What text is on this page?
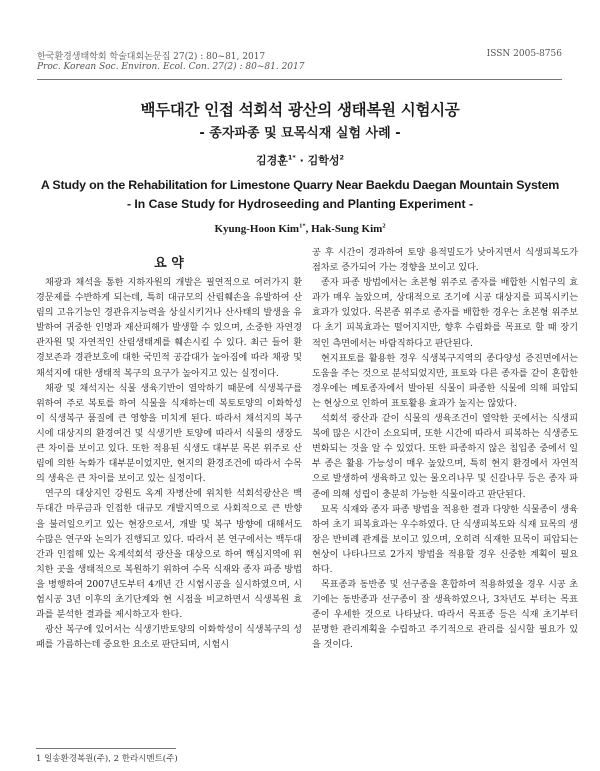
한국환경생태학회 학술대회논문집 27(2) : 80~81, 2017	ISSN 2005-8756
Proc. Korean Soc. Environ. Ecol. Con. 27(2) : 80~81. 2017
백두대간 인접 석회석 광산의 생태복원 시험시공
- 종자파종 및 묘목식재 실험 사례 -
김경훈$^{1*}$ · 김학성$^2$
A Study on the Rehabilitation for Limestone Quarry Near Baekdu Daegan Mountain System
- In Case Study for Hydroseeding and Planting Experiment -
Kyung-Hoon Kim$^{1*}$, Hak-Sung Kim$^2$
요 약

채광과 채석을 통한 지하자원의 개발은 필연적으로 여러가지 환경문제를 수반하게 되는데, 특히 대규모의 산림훼손을 유발하여 산림의 고유기능인 경관유지능력을 상실시키거나 산사태의 발생을 유발하여 귀중한 인명과 재산피해가 발생할 수 있으며, 소중한 자연경관자원 및 자연적인 산림생태계를 훼손시킬 수 있다. 최근 들어 환경보존과 경관보호에 대한 국민적 공감대가 높아짐에 따라 채광 및 채석지에 대한 생태적 복구의 요구가 높아지고 있는 실정이다.

채광 및 채석지는 식물 생육기반이 열악하기 때문에 식생복구를 위하여 주로 복토를 하여 식물을 식재하는데 복토토양의 이화학성이 식생복구 품질에 큰 영향을 미치게 된다. 따라서 채석지의 복구시에 대상지의 환경여건 및 식생기반 토양에 따라서 식물의 생장도 큰 차이를 보이고 있다. 또한 적용된 식생도 대부분 목본 위주로 산림에 의한 녹화가 대부분이었지만, 현지의 환경조건에 따라서 수목의 생육은 큰 차이를 보이고 있는 실정이다.

연구의 대상지인 강원도 옥계 자병산에 위치한 석회석광산은 백두대간 마루금과 인접한 대규모 개발지역으로 사회적으로 큰 반향을 불러일으키고 있는 현장으로서, 개발 및 복구 방향에 대해서도 수많은 연구와 논의가 진행되고 있다. 따라서 본 연구에서는 백두대간과 인접해 있는 옥계석회석 광산을 대상으로 하여 핵심지역에 위치한 곳을 생태적으로 복원하기 위하여 수목 식재와 종자 파종 방법을 병행하여 2007년도부터 4개년 간 시험시공을 실시하였으며, 시험시공 3년 이후의 초기단계와 현 시점을 비교하면서 식생복원 효과를 분석한 결과를 제시하고자 한다.

광산 복구에 있어서는 식생기반토양의 이화학성이 식생복구의 성패를 가름하는데 중요한 요소로 판단되며, 시험시

공 후 시간이 경과하여 토양 용적밀도가 낮아지면서 식생피복도가 점차로 증가되어 가는 경향을 보이고 있다.

종자 파종 방법에서는 초본형 위주로 종자를 배합한 시험구의 효과가 매우 높았으며, 상대적으로 조기에 시공 대상지를 피복시키는 효과가 있었다. 목본종 위주로 종자를 배합한 경우는 초본형 위주보다 초기 피복효과는 떨어지지만, 향후 수림화를 목표로 할 때 장기적인 측면에서는 바람직하다고 판단된다.

현지표토를 활용한 경우 식생복구지역의 종다양성 증진면에서는 도움을 주는 것으로 분석되었지만, 표토와 다른 종자를 같이 혼합한 경우에는 메토종자에서 발아된 식물이 파종한 식물에 의해 피압되는 현상으로 인하여 표토활용 효과가 높지는 않았다.

석회석 광산과 같이 식물의 생육조건이 열악한 곳에서는 식생피복에 많은 시간이 소요되며, 또한 시간에 따라서 피복하는 식생종도 변화되는 것을 알 수 있었다. 또한 파종하지 않은 침입종 중에서 일부 종은 활용 가능성이 매우 높았으며, 특히 현지 환경에서 자연적으로 발생하여 생육하고 있는 물오리나무 및 신갈나무 등은 종자 파종에 의해 성립이 충분히 가능한 식물이라고 판단된다.

묘목 식재와 종자 파종 방법을 적용한 결과 다양한 식물종이 생육하여 초기 피복효과는 우수하였다. 단 식생피복도와 식재 묘목의 생장은 반비례 관계를 보이고 있으며, 오히려 식재한 묘목이 피압되는 현상이 나타나므로 2가지 방법을 적용할 경우 신중한 계획이 필요하다.

목표종과 동반종 및 선구종을 혼합하여 적용하였을 경우 시공 초기에는 동반종과 선구종이 잘 생육하였으나, 3차년도 부터는 목표종이 우세한 것으로 나타났다. 따라서 목표종 등은 식재 초기부터 분명한 관리계획을 수립하고 주기적으로 관리를 실시할 필요가 있을 것이다.

1 일송환경복원(주), 2 한라시멘트(주)
